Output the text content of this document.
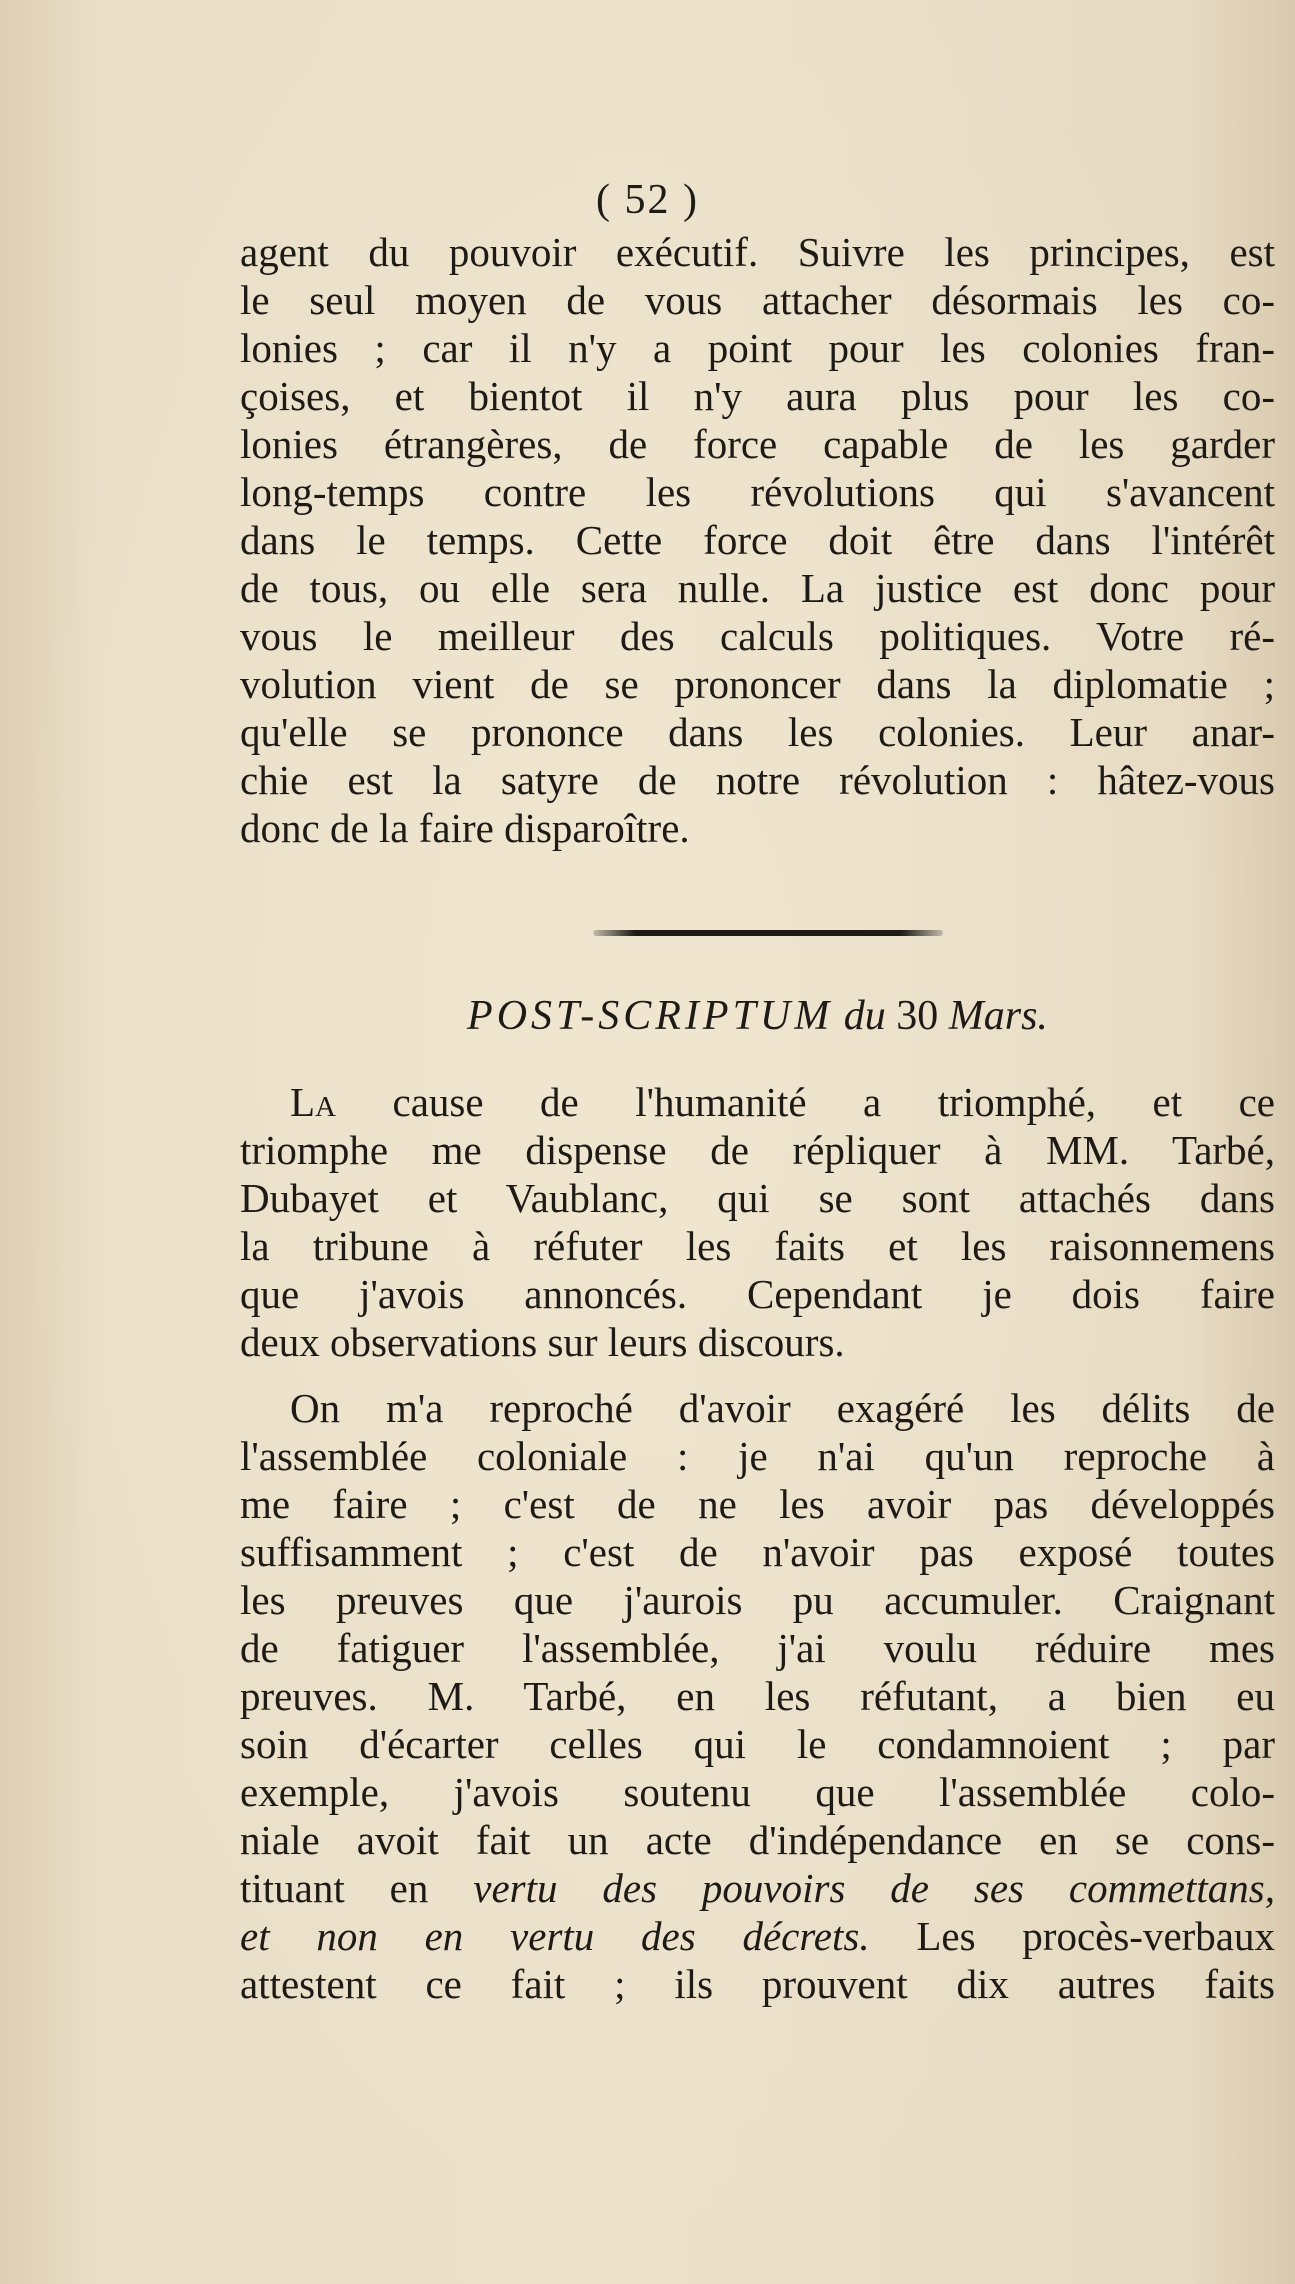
( 52 )
agent du pouvoir exécutif. Suivre les principes, est
le seul moyen de vous attacher désormais les co-
lonies ; car il n'y a point pour les colonies fran-
çoises, et bientot il n'y aura plus pour les co-
lonies étrangères, de force capable de les garder
long-temps contre les révolutions qui s'avancent
dans le temps. Cette force doit être dans l'intérêt
de tous, ou elle sera nulle. La justice est donc pour
vous le meilleur des calculs politiques. Votre ré-
volution vient de se prononcer dans la diplomatie ;
qu'elle se prononce dans les colonies. Leur anar-
chie est la satyre de notre révolution : hâtez-vous
donc de la faire disparoître.
POST-SCRIPTUM du 30 Mars.
La cause de l'humanité a triomphé, et ce
triomphe me dispense de répliquer à MM. Tarbé,
Dubayet et Vaublanc, qui se sont attachés dans
la tribune à réfuter les faits et les raisonnemens
que j'avois annoncés. Cependant je dois faire
deux observations sur leurs discours.
On m'a reproché d'avoir exagéré les délits de
l'assemblée coloniale : je n'ai qu'un reproche à
me faire ; c'est de ne les avoir pas développés
suffisamment ; c'est de n'avoir pas exposé toutes
les preuves que j'aurois pu accumuler. Craignant
de fatiguer l'assemblée, j'ai voulu réduire mes
preuves. M. Tarbé, en les réfutant, a bien eu
soin d'écarter celles qui le condamnoient ; par
exemple, j'avois soutenu que l'assemblée colo-
niale avoit fait un acte d'indépendance en se cons-
tituant en vertu des pouvoirs de ses commettans,
et non en vertu des décrets. Les procès-verbaux
attestent ce fait ; ils prouvent dix autres faits
